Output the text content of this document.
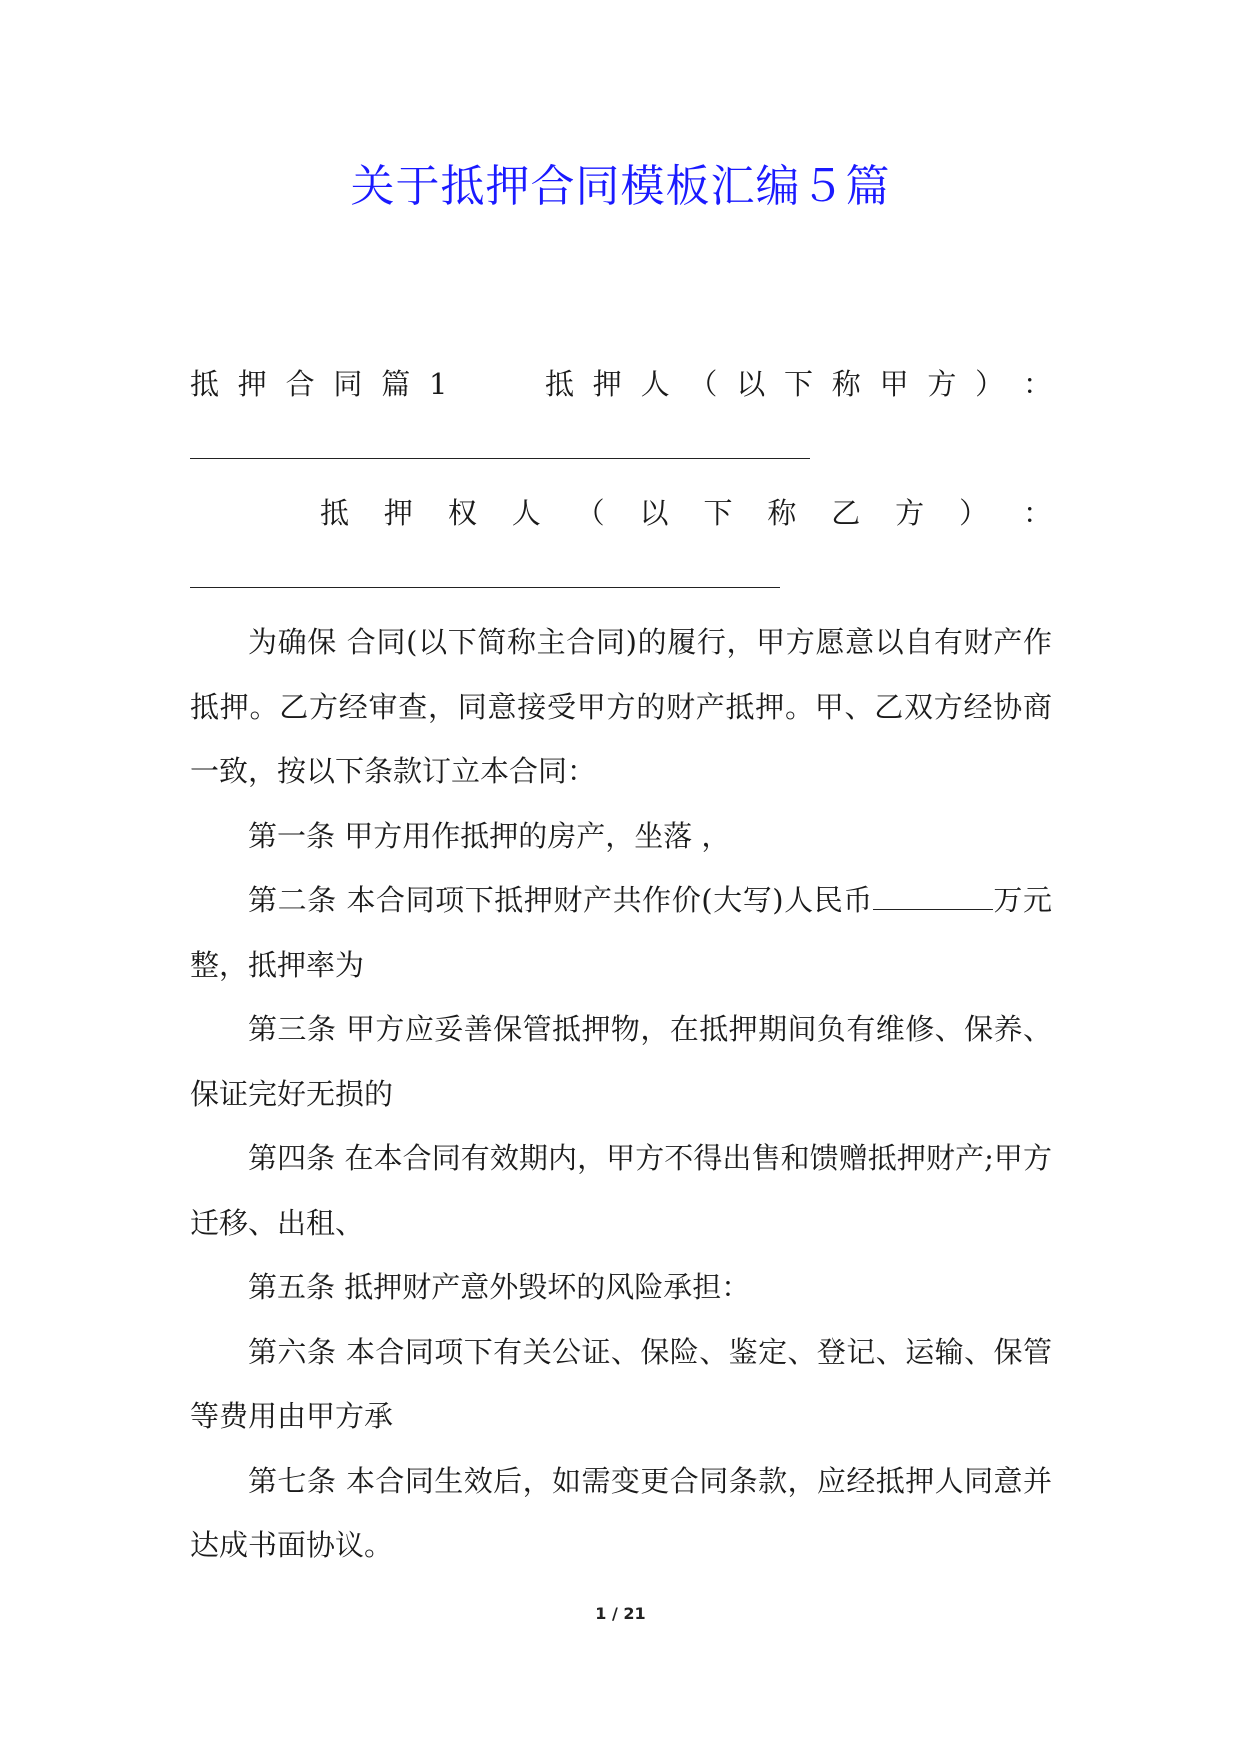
关于抵押合同模板汇编５篇
抵 押 合 同 篇 1	抵 押 人 （ 以 下 称 甲 方 ） ：
抵 押 权 人 （ 以 下 称 乙 方 ） ：

为确保 合同(以下简称主合同)的履行，甲方愿意以自有财产作抵押。乙方经审查，同意接受甲方的财产抵押。甲、乙双方经协商一致，按以下条款订立本合同：

第一条 甲方用作抵押的房产，坐落 ，

第二条 本合同项下抵押财产共作价(大写)人民币	万元整，抵押率为

第三条 甲方应妥善保管抵押物，在抵押期间负有维修、保养、保证完好无损的

第四条 在本合同有效期内，甲方不得出售和馈赠抵押财产;甲方迁移、出租、

第五条 抵押财产意外毁坏的风险承担：

第六条 本合同项下有关公证、保险、鉴定、登记、运输、保管等费用由甲方承

第七条 本合同生效后，如需变更合同条款，应经抵押人同意并达成书面协议。

1 / 21
